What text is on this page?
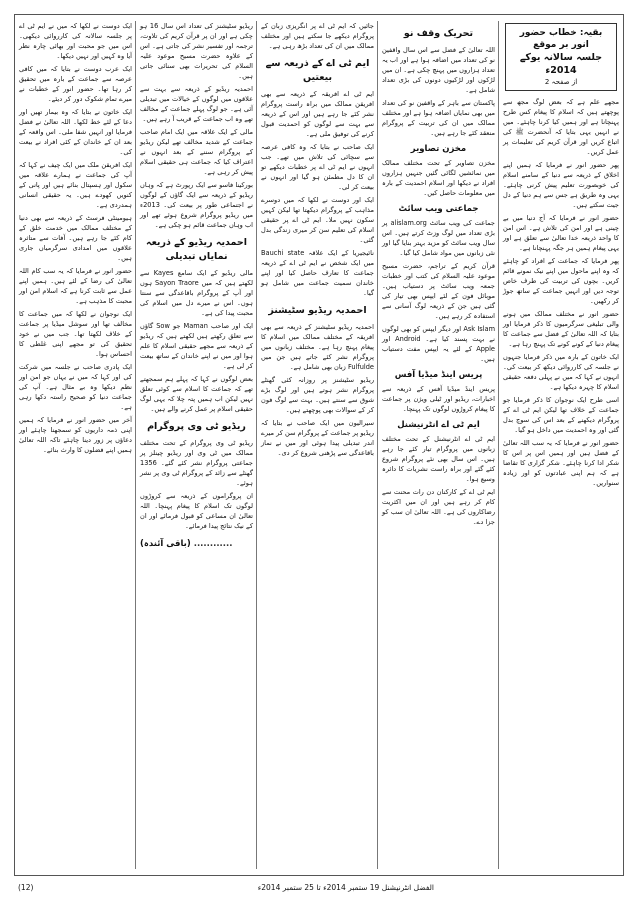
بقیہ: خطاب حضور انور بر موقع
جلسہ سالانہ یوکے 2014ء
از صفحہ 2

مجھے علم ہے کہ بعض لوگ مجھ سے پوچھتے ہیں کہ اسلام کا پیغام کس طرح پہنچانا ہے اور ہمیں کیا کرنا چاہئے۔ میں نے انہیں یہی بتایا کہ آنحضرت ﷺ کی اتباع کریں اور قرآن کریم کی تعلیمات پر عمل کریں۔

پھر حضور انور نے فرمایا کہ ہمیں اپنے اخلاق کے ذریعہ سے دنیا کے سامنے اسلام کی خوبصورت تعلیم پیش کرنی چاہئے۔ یہی وہ طریق ہے جس سے ہم دنیا کے دل جیت سکتے ہیں۔

حضور انور نے فرمایا کہ آج دنیا میں بے چینی ہے اور امن کی تلاش ہے۔ اس امن کا واحد ذریعہ خدا تعالیٰ سے تعلق ہے اور یہی پیغام ہمیں ہر جگہ پہنچانا ہے۔

پھر فرمایا کہ جماعت کے افراد کو چاہئے کہ وہ اپنے ماحول میں اپنے نیک نمونے قائم کریں۔ بچوں کی تربیت کی طرف خاص توجہ دیں اور انہیں جماعت کے ساتھ جوڑ کر رکھیں۔

حضور انور نے مختلف ممالک میں ہونے والی تبلیغی سرگرمیوں کا ذکر فرمایا اور بتایا کہ اللہ تعالیٰ کے فضل سے جماعت کا پیغام دنیا کے کونے کونے تک پہنچ رہا ہے۔

ایک خاتون کے بارہ میں ذکر فرمایا جنہوں نے جلسہ کی کارروائی دیکھ کر بیعت کی۔ انہوں نے کہا کہ میں نے پہلی دفعہ حقیقی اسلام کا چہرہ دیکھا ہے۔

اسی طرح ایک نوجوان کا ذکر فرمایا جو جماعت کے خلاف تھا لیکن ایم ٹی اے کے پروگرام دیکھنے کے بعد اس کی سوچ بدل گئی اور وہ احمدیت میں داخل ہو گیا۔

حضور انور نے فرمایا کہ یہ سب اللہ تعالیٰ کے فضل ہیں اور ہمیں اس پر اس کا شکر ادا کرنا چاہئے۔ شکر گزاری کا تقاضا ہے کہ ہم اپنی عبادتوں کو اور زیادہ سنواریں۔

تحریک وقف نو

اللہ تعالیٰ کے فضل سے اس سال واقفین نو کی تعداد میں اضافہ ہوا ہے اور اب یہ تعداد ہزاروں میں پہنچ چکی ہے۔ ان میں لڑکوں اور لڑکیوں دونوں کی بڑی تعداد شامل ہے۔

پاکستان سے باہر کے واقفین نو کی تعداد میں بھی نمایاں اضافہ ہوا ہے اور مختلف ممالک میں ان کی تربیت کے پروگرام منعقد کئے جا رہے ہیں۔

مخزن تصاویر

مخزن تصاویر کے تحت مختلف ممالک میں نمائشیں لگائی گئیں جنہیں ہزاروں افراد نے دیکھا اور اسلام احمدیت کے بارہ میں معلومات حاصل کیں۔

جماعتی ویب سائٹ

جماعت کی ویب سائٹ alislam.org پر بڑی تعداد میں لوگ وزٹ کرتے ہیں۔ اس سال ویب سائٹ کو مزید بہتر بنایا گیا اور نئی زبانوں میں مواد شامل کیا گیا۔

قرآن کریم کے تراجم، حضرت مسیح موعود علیہ السلام کی کتب اور خطبات جمعہ ویب سائٹ پر دستیاب ہیں۔ موبائل فون کے لئے ایپس بھی تیار کی گئی ہیں جن کے ذریعہ لوگ آسانی سے استفادہ کر رہے ہیں۔

Ask Islam اور دیگر ایپس کو بھی لوگوں نے بہت پسند کیا ہے۔ Android اور Apple کے لئے یہ ایپس مفت دستیاب ہیں۔

پریس اینڈ میڈیا آفس

پریس اینڈ میڈیا آفس کے ذریعہ سے اخبارات، ریڈیو اور ٹیلی ویژن پر جماعت کا پیغام کروڑوں لوگوں تک پہنچا۔

ایم ٹی اے انٹرنیشنل

ایم ٹی اے انٹرنیشنل کے تحت مختلف زبانوں میں پروگرام تیار کئے جا رہے ہیں۔ اس سال بھی نئے پروگرام شروع کئے گئے اور براہ راست نشریات کا دائرہ وسیع ہوا۔

ایم ٹی اے کے کارکنان دن رات محنت سے کام کر رہے ہیں اور ان میں اکثریت رضاکاروں کی ہے۔ اللہ تعالیٰ ان سب کو جزا دے۔

جائیں کہ ایم ٹی اے پر انگریزی زبان کے پروگرام دیکھے جا سکتے ہیں اور مختلف ممالک میں ان کی تعداد بڑھ رہی ہے۔

ایم ٹی اے کے ذریعہ سے بیعتیں

ایم ٹی اے افریقہ کے ذریعہ سے بھی افریقن ممالک میں براہ راست پروگرام نشر کئے جا رہے ہیں اور اس کے ذریعہ سے بہت سے لوگوں کو احمدیت قبول کرنے کی توفیق ملی ہے۔

ایک صاحب نے بتایا کہ وہ کافی عرصہ سے سچائی کی تلاش میں تھے۔ جب انہوں نے ایم ٹی اے پر خطبات دیکھے تو ان کا دل مطمئن ہو گیا اور انہوں نے بیعت کر لی۔

ایک اور دوست نے لکھا کہ میں دوسرے مذاہب کے پروگرام دیکھتا تھا لیکن کہیں سکون نہیں ملا۔ ایم ٹی اے پر حقیقی اسلام کی تعلیم سن کر میری زندگی بدل گئی۔

نائیجیریا کے ایک علاقہ Bauchi state میں ایک شخص نے ایم ٹی اے کے ذریعہ جماعت کا تعارف حاصل کیا اور اپنے خاندان سمیت جماعت میں شامل ہو گیا۔

احمدیہ ریڈیو سٹیشنز

احمدیہ ریڈیو سٹیشنز کے ذریعہ سے بھی افریقہ کے مختلف ممالک میں اسلام کا پیغام پہنچ رہا ہے۔ مختلف زبانوں میں پروگرام نشر کئے جاتے ہیں جن میں Fulfulde زبان بھی شامل ہے۔

ریڈیو سٹیشنز پر روزانہ کئی گھنٹے پروگرام نشر ہوتے ہیں اور لوگ بڑے شوق سے سنتے ہیں۔ بہت سے لوگ فون کر کے سوالات بھی پوچھتے ہیں۔

سیرالیون میں ایک صاحب نے بتایا کہ ریڈیو پر جماعت کے پروگرام سن کر میرے اندر تبدیلی پیدا ہوئی اور میں نے نماز باقاعدگی سے پڑھنی شروع کر دی۔

ریڈیو سٹیشنز کی تعداد اس سال 16 ہو چکی ہے اور ان پر قرآن کریم کی تلاوت، ترجمہ اور تفسیر نشر کی جاتی ہے۔ اس کے علاوہ حضرت مسیح موعود علیہ السلام کی تحریرات بھی سنائی جاتی ہیں۔

احمدیہ ریڈیو کے ذریعہ سے بہت سے علاقوں میں لوگوں کے خیالات میں تبدیلی آئی ہے۔ جو لوگ پہلے جماعت کے مخالف تھے وہ اب جماعت کے قریب آ رہے ہیں۔

مالی کے ایک علاقہ میں ایک امام صاحب جماعت کے شدید مخالف تھے لیکن ریڈیو کے پروگرام سننے کے بعد انہوں نے اعتراف کیا کہ جماعت ہی حقیقی اسلام پیش کر رہی ہے۔

بورکینا فاسو سے ایک رپورٹ ہے کہ وہاں ریڈیو کے ذریعہ سے ایک گاؤں کے لوگوں نے اجتماعی طور پر بیعت کی۔ 2013ء میں ریڈیو پروگرام شروع ہوئے تھے اور اب وہاں جماعت قائم ہو چکی ہے۔

احمدیہ ریڈیو کے ذریعہ نمایاں تبدیلی

مالی ریڈیو کے ایک سامع Kayes سے لکھتے ہیں کہ میں Sayon Traore ہوں اور آپ کے پروگرام باقاعدگی سے سنتا ہوں۔ اس نے میرے دل میں اسلام کی محبت پیدا کی ہے۔

ایک اور صاحب Maman جو Sow گاؤں سے تعلق رکھتے ہیں لکھتے ہیں کہ ریڈیو کے ذریعہ سے مجھے حقیقی اسلام کا علم ہوا اور میں نے اپنے خاندان کے ساتھ بیعت کر لی ہے۔

بعض لوگوں نے کہا کہ پہلے ہم سمجھتے تھے کہ جماعت کا اسلام سے کوئی تعلق نہیں لیکن اب ہمیں پتہ چلا کہ یہی لوگ حقیقی اسلام پر عمل کرنے والے ہیں۔

ریڈیو ٹی وی پروگرام

ریڈیو ٹی وی پروگرام کے تحت مختلف ممالک میں ٹی وی اور ریڈیو چینلز پر جماعتی پروگرام نشر کئے گئے۔ 1356 گھنٹے سے زائد کے پروگرام ٹی وی پر نشر ہوئے۔

ان پروگراموں کے ذریعہ سے کروڑوں لوگوں تک اسلام کا پیغام پہنچا۔ اللہ تعالیٰ ان مساعی کو قبول فرمائے اور ان کے نیک نتائج پیدا فرمائے۔

............ (باقی آئندہ)

ایک دوست نے لکھا کہ میں نے ایم ٹی اے پر جلسہ سالانہ کی کارروائی دیکھی۔ اس میں جو محبت اور بھائی چارہ نظر آیا وہ کہیں اور نہیں دیکھا۔

ایک عرب دوست نے بتایا کہ میں کافی عرصہ سے جماعت کے بارہ میں تحقیق کر رہا تھا۔ حضور انور کے خطبات نے میرے تمام شکوک دور کر دیئے۔

ایک خاتون نے بتایا کہ وہ بیمار تھیں اور دعا کے لئے خط لکھا۔ اللہ تعالیٰ نے فضل فرمایا اور انہیں شفا ملی۔ اس واقعہ کے بعد ان کے خاندان کے کئی افراد نے بیعت کی۔

ایک افریقن ملک میں ایک چیف نے کہا کہ آپ کی جماعت نے ہمارے علاقہ میں سکول اور ہسپتال بنائے ہیں اور پانی کے کنویں کھودے ہیں۔ یہ حقیقی انسانی ہمدردی ہے۔

ہیومینٹی فرسٹ کے ذریعہ سے بھی دنیا کے مختلف ممالک میں خدمت خلق کے کام کئے جا رہے ہیں۔ آفات سے متاثرہ علاقوں میں امدادی سرگرمیاں جاری ہیں۔

حضور انور نے فرمایا کہ یہ سب کام اللہ تعالیٰ کی رضا کے لئے ہیں۔ ہمیں اپنے عمل سے ثابت کرنا ہے کہ اسلام امن اور محبت کا مذہب ہے۔

ایک نوجوان نے لکھا کہ میں جماعت کا مخالف تھا اور سوشل میڈیا پر جماعت کے خلاف لکھتا تھا۔ جب میں نے خود تحقیق کی تو مجھے اپنی غلطی کا احساس ہوا۔

ایک پادری صاحب نے جلسہ میں شرکت کی اور کہا کہ میں نے یہاں جو امن اور نظم دیکھا وہ بے مثال ہے۔ آپ کی جماعت دنیا کو صحیح راستہ دکھا رہی ہے۔

آخر میں حضور انور نے فرمایا کہ ہمیں اپنی ذمہ داریوں کو سمجھنا چاہئے اور دعاؤں پر زور دینا چاہئے تاکہ اللہ تعالیٰ ہمیں اپنے فضلوں کا وارث بنائے۔

الفضل انٹرنیشنل 19 ستمبر 2014ء تا 25 ستمبر 2014ء
(12)
